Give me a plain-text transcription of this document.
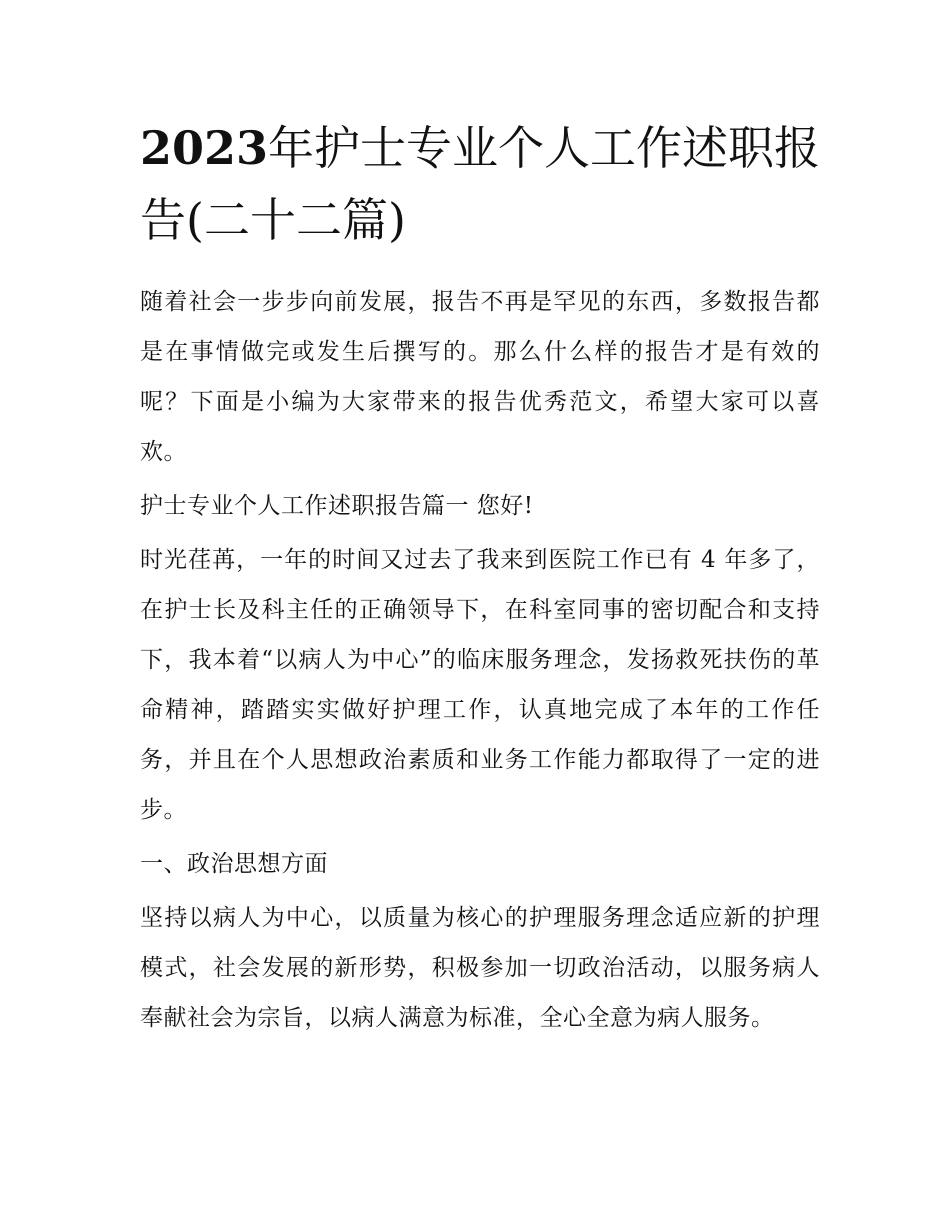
2023年护士专业个人工作述职报告(二十二篇)

随着社会一步步向前发展，报告不再是罕见的东西，多数报告都是在事情做完或发生后撰写的。那么什么样的报告才是有效的呢？下面是小编为大家带来的报告优秀范文，希望大家可以喜欢。

护士专业个人工作述职报告篇一 您好!

时光荏苒，一年的时间又过去了我来到医院工作已有 4 年多了，在护士长及科主任的正确领导下，在科室同事的密切配合和支持下，我本着“以病人为中心”的临床服务理念，发扬救死扶伤的革命精神，踏踏实实做好护理工作，认真地完成了本年的工作任务，并且在个人思想政治素质和业务工作能力都取得了一定的进步。

一、政治思想方面

坚持以病人为中心，以质量为核心的护理服务理念适应新的护理模式，社会发展的新形势，积极参加一切政治活动，以服务病人奉献社会为宗旨，以病人满意为标准，全心全意为病人服务。
